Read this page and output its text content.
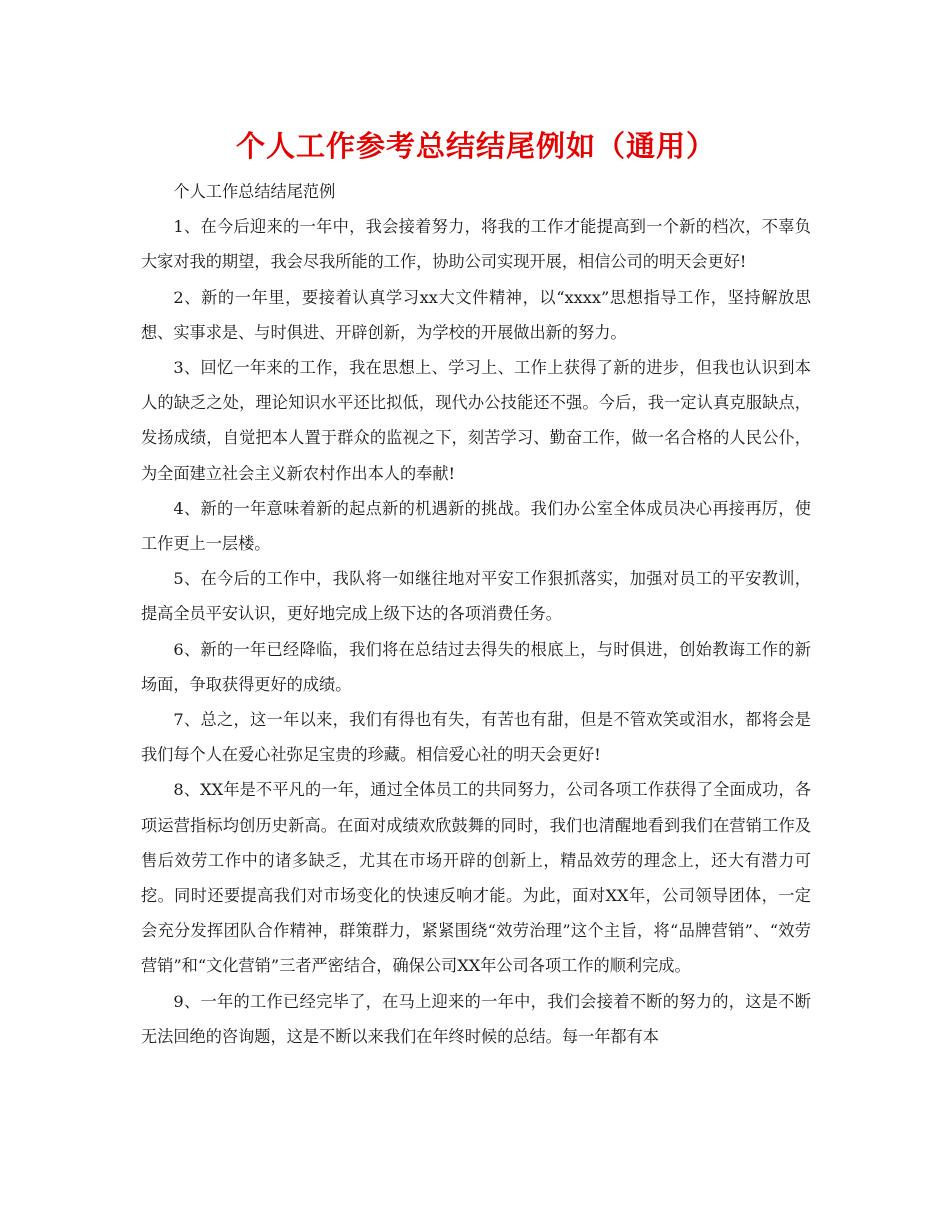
个人工作参考总结结尾例如（通用）

个人工作总结结尾范例

1、在今后迎来的一年中，我会接着努力，将我的工作才能提高到一个新的档次，不辜负大家对我的期望，我会尽我所能的工作，协助公司实现开展，相信公司的明天会更好!

2、新的一年里，要接着认真学习xx大文件精神，以“xxxx”思想指导工作，坚持解放思想、实事求是、与时俱进、开辟创新，为学校的开展做出新的努力。

3、回忆一年来的工作，我在思想上、学习上、工作上获得了新的进步，但我也认识到本人的缺乏之处，理论知识水平还比拟低，现代办公技能还不强。今后，我一定认真克服缺点，发扬成绩，自觉把本人置于群众的监视之下，刻苦学习、勤奋工作，做一名合格的人民公仆，为全面建立社会主义新农村作出本人的奉献!

4、新的一年意味着新的起点新的机遇新的挑战。我们办公室全体成员决心再接再厉，使工作更上一层楼。

5、在今后的工作中，我队将一如继往地对平安工作狠抓落实，加强对员工的平安教训，提高全员平安认识，更好地完成上级下达的各项消费任务。

6、新的一年已经降临，我们将在总结过去得失的根底上，与时俱进，创始教诲工作的新场面，争取获得更好的成绩。

7、总之，这一年以来，我们有得也有失，有苦也有甜，但是不管欢笑或泪水，都将会是我们每个人在爱心社弥足宝贵的珍藏。相信爱心社的明天会更好!

8、XX年是不平凡的一年，通过全体员工的共同努力，公司各项工作获得了全面成功，各项运营指标均创历史新高。在面对成绩欢欣鼓舞的同时，我们也清醒地看到我们在营销工作及售后效劳工作中的诸多缺乏，尤其在市场开辟的创新上，精品效劳的理念上，还大有潜力可挖。同时还要提高我们对市场变化的快速反响才能。为此，面对XX年，公司领导团体，一定会充分发挥团队合作精神，群策群力，紧紧围绕“效劳治理”这个主旨，将“品牌营销”、“效劳营销”和“文化营销”三者严密结合，确保公司XX年公司各项工作的顺利完成。

9、一年的工作已经完毕了，在马上迎来的一年中，我们会接着不断的努力的，这是不断无法回绝的咨询题，这是不断以来我们在年终时候的总结。每一年都有本
